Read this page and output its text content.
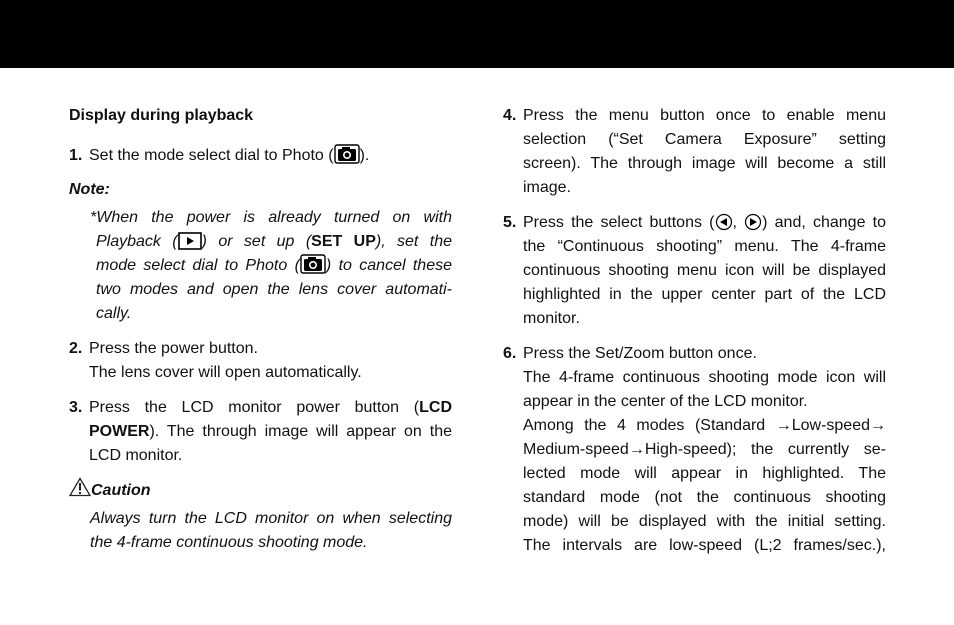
Display during playback
1. Set the mode select dial to Photo ( ).
Note:
*When the power is already turned on with
Playback ( ) or set up (SET UP), set the
mode select dial to Photo ( ) to cancel these
two modes and open the lens cover automati-
cally.
2. Press the power button.
The lens cover will open automatically.
3. Press the LCD monitor power button (LCD
POWER). The through image will appear on the
LCD monitor.
Caution
Always turn the LCD monitor on when selecting
the 4-frame continuous shooting mode.
4. Press the menu button once to enable menu
selection (“Set Camera Exposure” setting
screen). The through image will become a still
image.
5. Press the select buttons ( , ) and, change to
the “Continuous shooting” menu. The 4-frame
continuous shooting menu icon will be displayed
highlighted in the upper center part of the LCD
monitor.
6. Press the Set/Zoom button once.
The 4-frame continuous shooting mode icon will
appear in the center of the LCD monitor.
Among the 4 modes (Standard →Low-speed→
Medium-speed→High-speed); the currently se-
lected mode will appear in highlighted. The
standard mode (not the continuous shooting
mode) will be displayed with the initial setting.
The intervals are low-speed (L;2 frames/sec.),
